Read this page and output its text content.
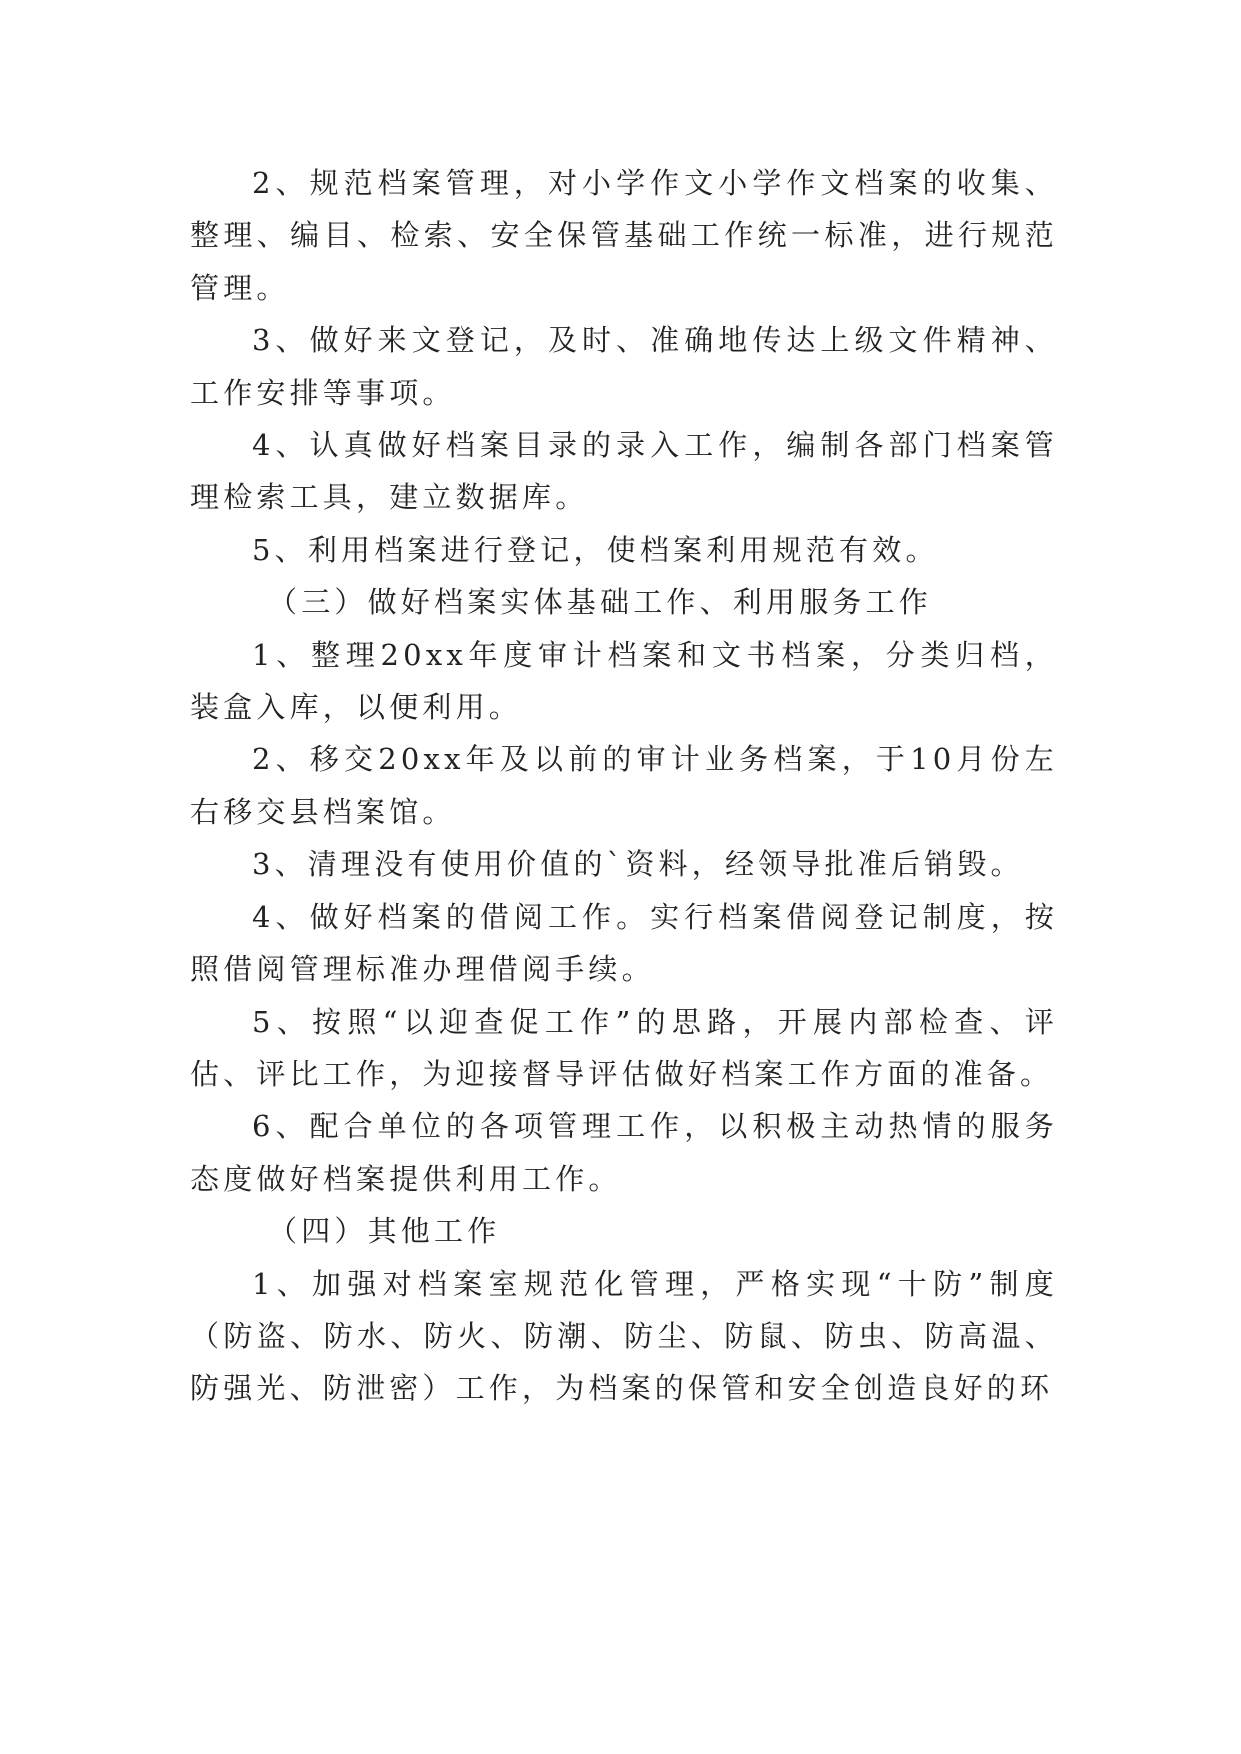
2、规范档案管理，对小学作文小学作文档案的收集、整理、编目、检索、安全保管基础工作统一标准，进行规范管理。

3、做好来文登记，及时、准确地传达上级文件精神、工作安排等事项。

4、认真做好档案目录的录入工作，编制各部门档案管理检索工具，建立数据库。

5、利用档案进行登记，使档案利用规范有效。

（三）做好档案实体基础工作、利用服务工作

1、整理20xx年度审计档案和文书档案，分类归档，装盒入库，以便利用。

2、移交20xx年及以前的审计业务档案，于10月份左右移交县档案馆。

3、清理没有使用价值的`资料，经领导批准后销毁。

4、做好档案的借阅工作。实行档案借阅登记制度，按照借阅管理标准办理借阅手续。

5、按照“以迎查促工作”的思路，开展内部检查、评估、评比工作，为迎接督导评估做好档案工作方面的准备。

6、配合单位的各项管理工作，以积极主动热情的服务态度做好档案提供利用工作。

（四）其他工作

1、加强对档案室规范化管理，严格实现“十防”制度（防盗、防水、防火、防潮、防尘、防鼠、防虫、防高温、防强光、防泄密）工作，为档案的保管和安全创造良好的环
